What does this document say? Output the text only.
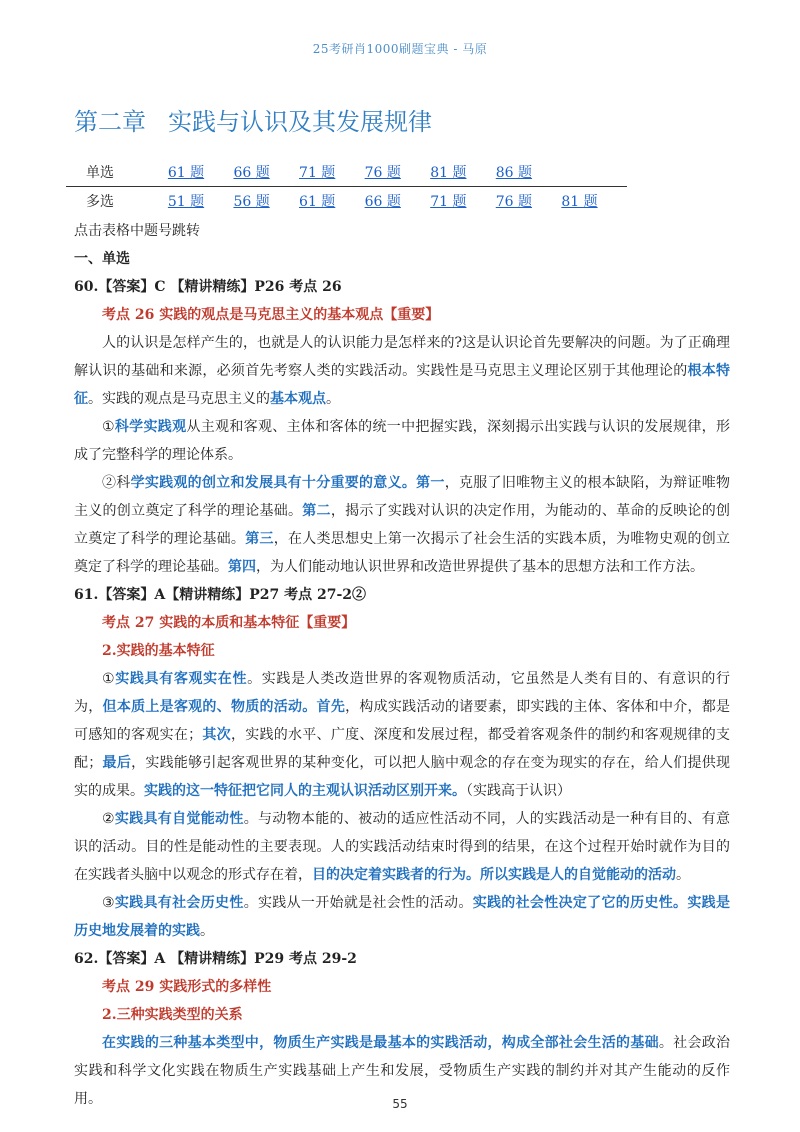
25考研肖1000刷题宝典 - 马原
第二章 实践与认识及其发展规律
单选	61 题	66 题	71 题	76 题	81 题	86 题	
多选	51 题	56 题	61 题	66 题	71 题	76 题	81 题

点击表格中题号跳转

一、单选

60.【答案】C 【精讲精练】P26 考点 26

考点 26 实践的观点是马克思主义的基本观点【重要】

人的认识是怎样产生的，也就是人的认识能力是怎样来的?这是认识论首先要解决的问题。为了正确理解认识的基础和来源，必须首先考察人类的实践活动。实践性是马克思主义理论区别于其他理论的根本特征。实践的观点是马克思主义的基本观点。

①科学实践观从主观和客观、主体和客体的统一中把握实践，深刻揭示出实践与认识的发展规律，形成了完整科学的理论体系。

②科学实践观的创立和发展具有十分重要的意义。第一，克服了旧唯物主义的根本缺陷，为辩证唯物主义的创立奠定了科学的理论基础。第二，揭示了实践对认识的决定作用，为能动的、革命的反映论的创立奠定了科学的理论基础。第三，在人类思想史上第一次揭示了社会生活的实践本质，为唯物史观的创立奠定了科学的理论基础。第四，为人们能动地认识世界和改造世界提供了基本的思想方法和工作方法。

61.【答案】A【精讲精练】P27 考点 27-2②

考点 27 实践的本质和基本特征【重要】

2.实践的基本特征

①实践具有客观实在性。实践是人类改造世界的客观物质活动，它虽然是人类有目的、有意识的行为，但本质上是客观的、物质的活动。首先，构成实践活动的诸要素，即实践的主体、客体和中介，都是可感知的客观实在；其次，实践的水平、广度、深度和发展过程，都受着客观条件的制约和客观规律的支配；最后，实践能够引起客观世界的某种变化，可以把人脑中观念的存在变为现实的存在，给人们提供现实的成果。实践的这一特征把它同人的主观认识活动区别开来。（实践高于认识）

②实践具有自觉能动性。与动物本能的、被动的适应性活动不同，人的实践活动是一种有目的、有意识的活动。目的性是能动性的主要表现。人的实践活动结束时得到的结果，在这个过程开始时就作为目的在实践者头脑中以观念的形式存在着，目的决定着实践者的行为。所以实践是人的自觉能动的活动。

③实践具有社会历史性。实践从一开始就是社会性的活动。实践的社会性决定了它的历史性。实践是历史地发展着的实践。

62.【答案】A 【精讲精练】P29 考点 29-2

考点 29 实践形式的多样性

2.三种实践类型的关系

在实践的三种基本类型中，物质生产实践是最基本的实践活动，构成全部社会生活的基础。社会政治实践和科学文化实践在物质生产实践基础上产生和发展，受物质生产实践的制约并对其产生能动的反作用。	55
